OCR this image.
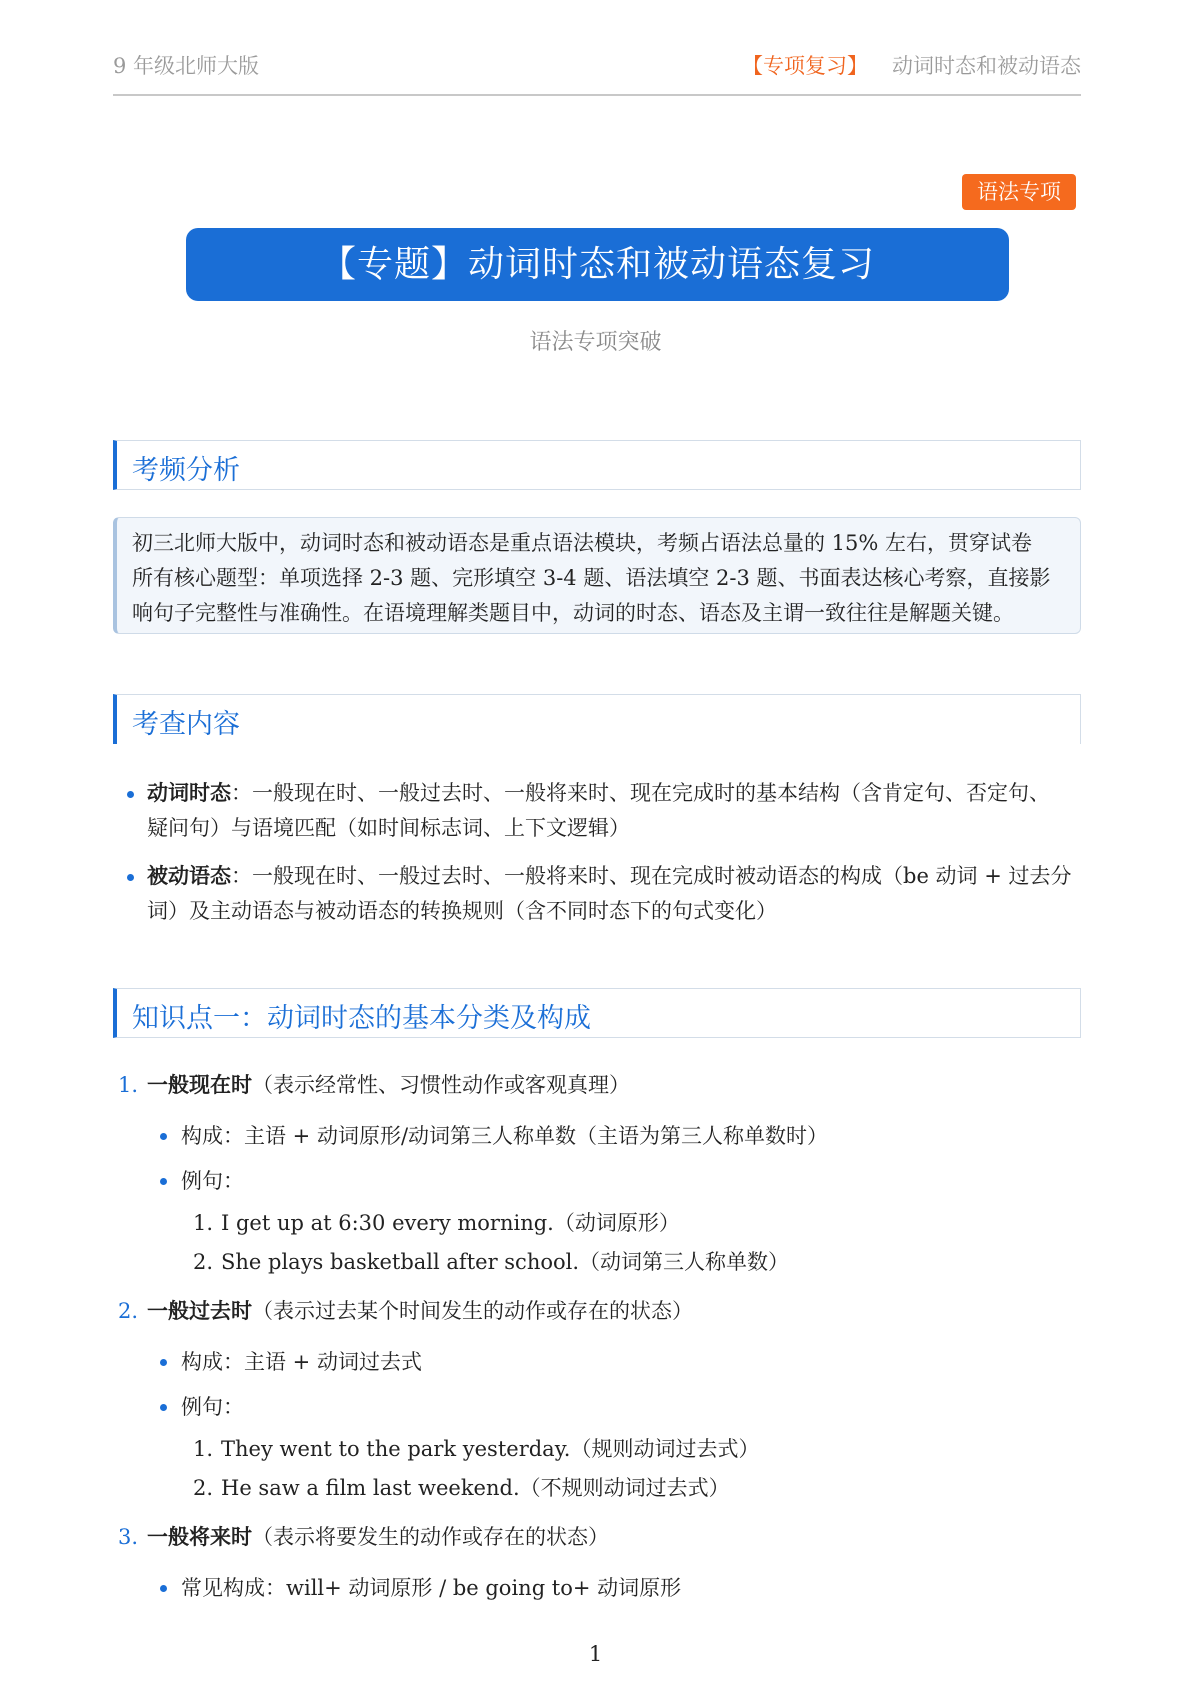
9 年级北师大版	【专项复习】 动词时态和被动语态
语法专项
【专题】动词时态和被动语态复习
语法专项突破
考频分析
初三北师大版中，动词时态和被动语态是重点语法模块，考频占语法总量的 15% 左右，贯穿试卷
所有核心题型：单项选择 2-3 题、完形填空 3-4 题、语法填空 2-3 题、书面表达核心考察，直接影
响句子完整性与准确性。在语境理解类题目中，动词的时态、语态及主谓一致往往是解题关键。
考查内容
动词时态：一般现在时、一般过去时、一般将来时、现在完成时的基本结构（含肯定句、否定句、
疑问句）与语境匹配（如时间标志词、上下文逻辑）
被动语态：一般现在时、一般过去时、一般将来时、现在完成时被动语态的构成（be 动词 + 过去分
词）及主动语态与被动语态的转换规则（含不同时态下的句式变化）
知识点一：动词时态的基本分类及构成
1. 一般现在时（表示经常性、习惯性动作或客观真理）
构成：主语 + 动词原形/动词第三人称单数（主语为第三人称单数时）
例句：
1. I get up at 6:30 every morning.（动词原形）
2. She plays basketball after school.（动词第三人称单数）
2. 一般过去时（表示过去某个时间发生的动作或存在的状态）
构成：主语 + 动词过去式
例句：
1. They went to the park yesterday.（规则动词过去式）
2. He saw a film last weekend.（不规则动词过去式）
3. 一般将来时（表示将要发生的动作或存在的状态）
常见构成：will+ 动词原形 / be going to+ 动词原形
1
